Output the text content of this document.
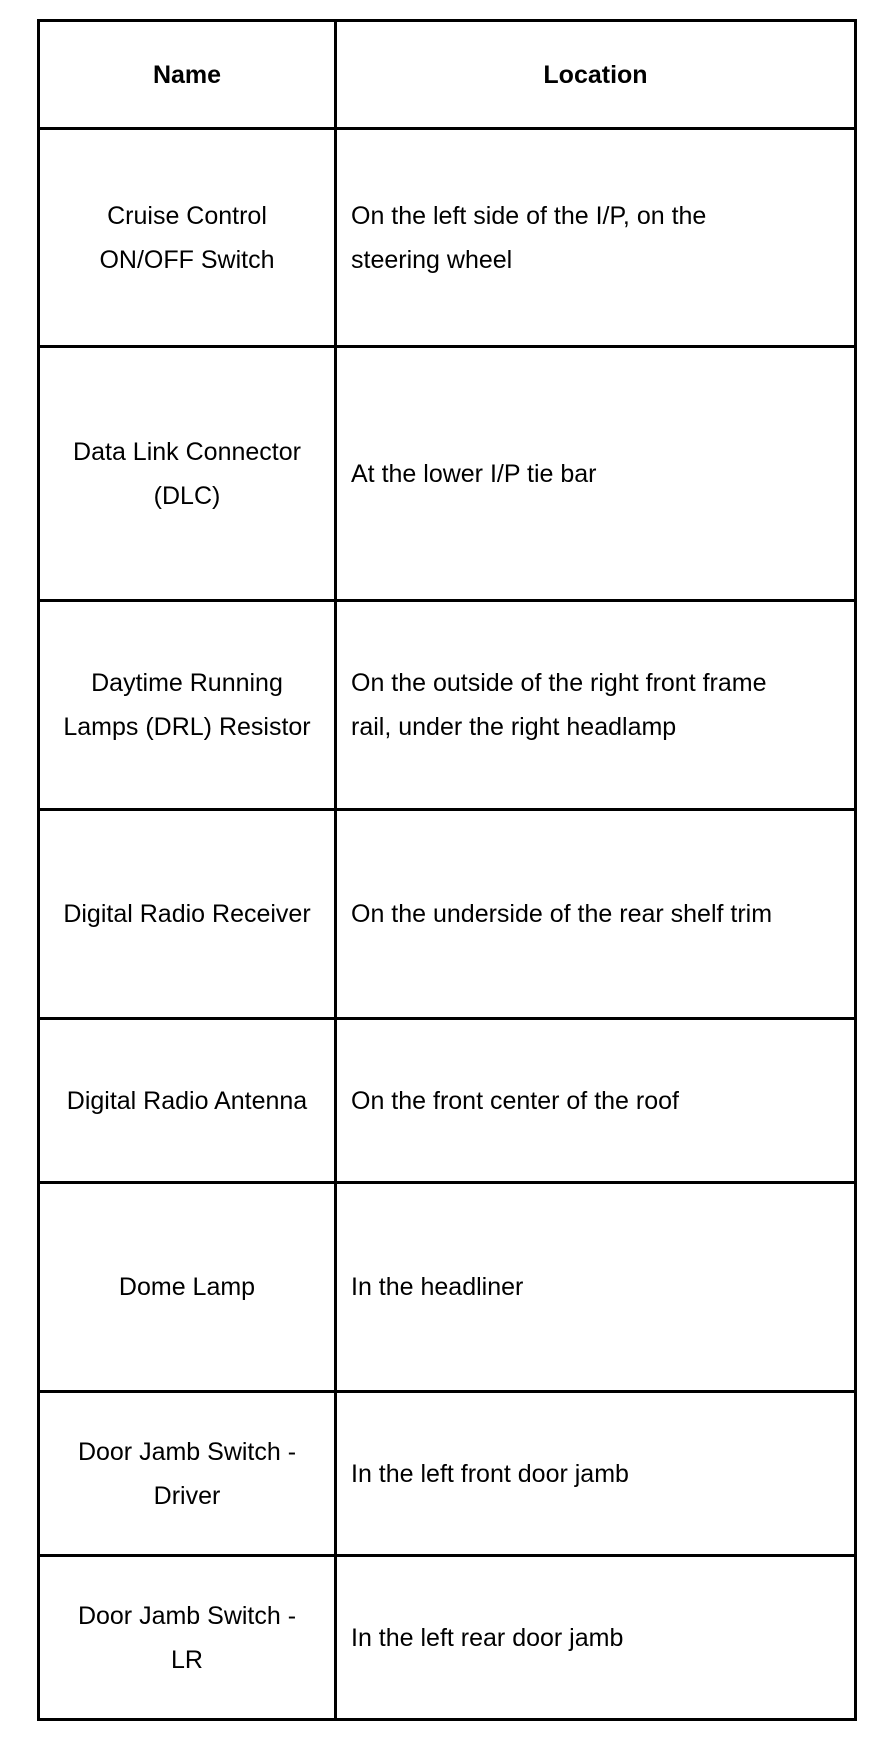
Name	Location
Cruise Control ON/OFF Switch	On the left side of the I/P, on the steering wheel
Data Link Connector (DLC)	At the lower I/P tie bar
Daytime Running Lamps (DRL) Resistor	On the outside of the right front frame rail, under the right headlamp
Digital Radio Receiver	On the underside of the rear shelf trim
Digital Radio Antenna	On the front center of the roof
Dome Lamp	In the headliner
Door Jamb Switch - Driver	In the left front door jamb
Door Jamb Switch - LR	In the left rear door jamb
